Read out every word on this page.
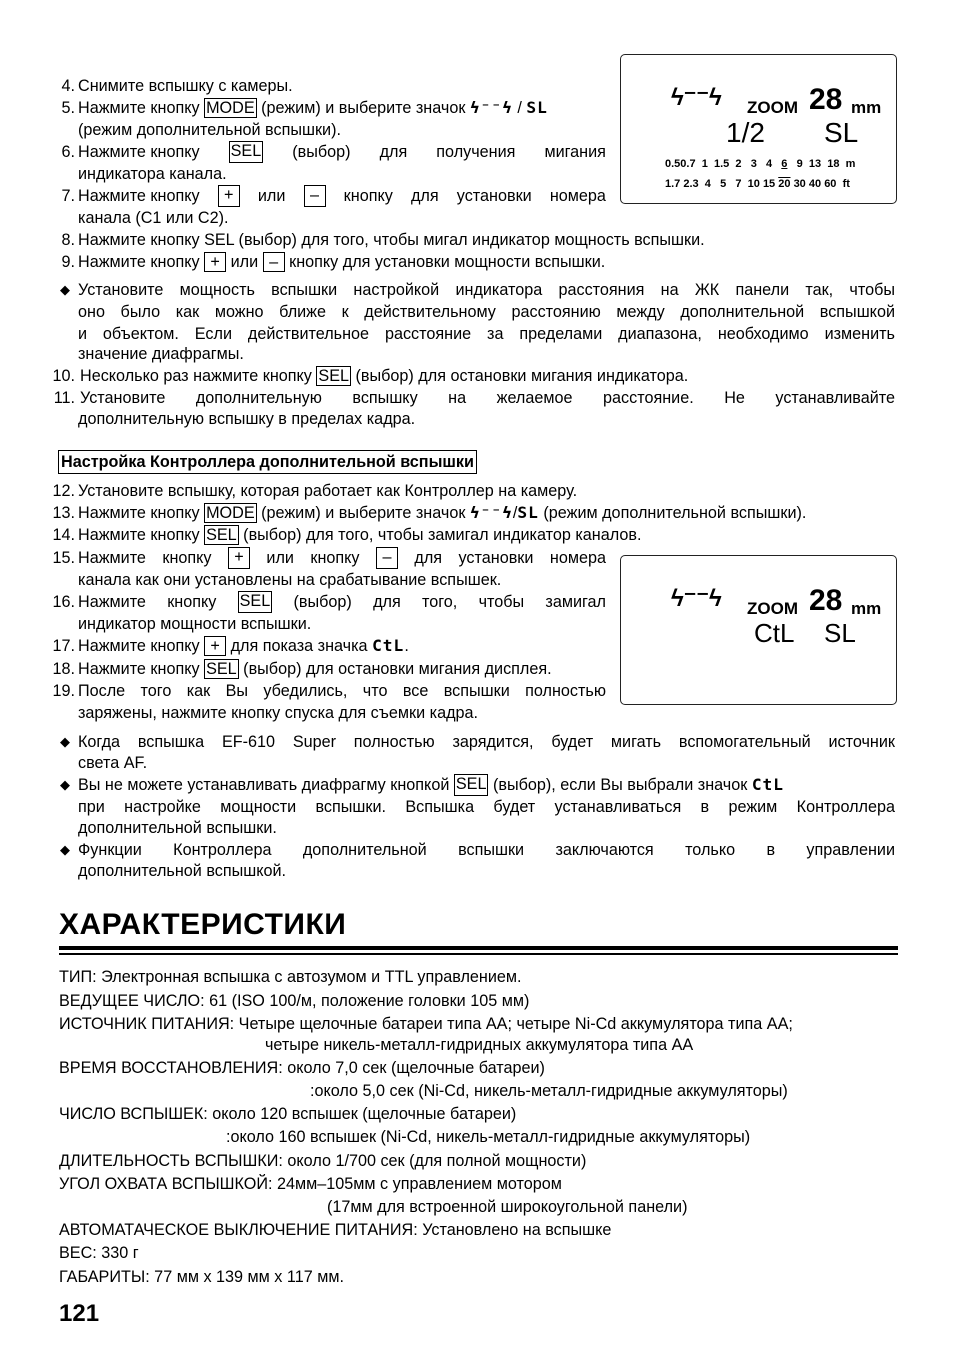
4. Снимите вспышку с камеры.
5. Нажмите кнопку MODE (режим) и выберите значок ϟ⁻⁻ϟ / SL
(режим дополнительной вспышки).
6. Нажмите кнопку SEL (выбор) для получения мигания
индикатора канала.
7. Нажмите кнопку	+	или	–	кнопку для установки номера
канала (C1 или C2).
8. Нажмите кнопку SEL (выбор) для того, чтобы мигал индикатор мощность вспышки.
9. Нажмите кнопку + или – кнопку для установки мощности вспышки.
ϟ⁻⁻ϟ ZOOM 28 mm
1/2 SL
0.50.7 1 1.5 2 3 4 6 9 13 18 m
1.7 2.3 4 5 7 10 15 20 30 40 60 ft
◆ Установите мощность вспышки настройкой индикатора расстояния на ЖК панели так, чтобы
оно было как можно ближе к действительному расстоянию между дополнительной вспышкой
и объектом. Если действительное расстояние за пределами диапазона, необходимо изменить
значение диафрагмы.
10. Несколько раз нажмите кнопку SEL (выбор) для остановки мигания индикатора.
11. Установите дополнительную вспышку на желаемое расстояние. Не устанавливайте
дополнительную вспышку в пределах кадра.
Настройка Контроллера дополнительной вспышки
12. Установите вспышку, которая работает как Контроллер на камеру.
13. Нажмите кнопку MODE (режим) и выберите значок ϟ⁻⁻ϟ/SL (режим дополнительной вспышки).
14. Нажмите кнопку SEL (выбор) для того, чтобы замигал индикатор каналов.
15. Нажмите кнопку	+	или кнопку	–	для установки номера
канала как они установлены на срабатывание вспышек.
16. Нажмите кнопку SEL (выбор) для того, чтобы замигал
индикатор мощности вспышки.
17. Нажмите кнопку + для показа значка CtL.
18. Нажмите кнопку SEL (выбор) для остановки мигания дисплея.
19. После того как Вы убедились, что все вспышки полностью
заряжены, нажмите кнопку спуска для съемки кадра.
ϟ⁻⁻ϟ ZOOM 28 mm
CtL SL
◆ Когда вспышка EF-610 Super полностью зарядится, будет мигать вспомогательный источник
света AF.
◆ Вы не можете устанавливать диафрагму кнопкой SEL (выбор), если Вы выбрали значок CtL
при настройке мощности вспышки. Вспышка будет устанавливаться в режим Контроллера
дополнительной вспышки.
◆ Функции Контроллера дополнительной вспышки заключаются только в управлении
дополнительной вспышкой.
ХАРАКТЕРИСТИКИ
ТИП: Электронная вспышка с автозумом и TTL управлением.
ВЕДУЩЕЕ ЧИСЛО: 61 (ISO 100/м, положение головки 105 мм)
ИСТОЧНИК ПИТАНИЯ: Четыре щелочные батареи типа AA; четыре Ni-Cd аккумулятора типа AA;
четыре никель-металл-гидридных аккумулятора типа AA
ВРЕМЯ ВОССТАНОВЛЕНИЯ: около 7,0 сек (щелочные батареи)
:около 5,0 сек (Ni-Cd, никель-металл-гидридные аккумуляторы)
ЧИСЛО ВСПЫШЕК: около 120 вспышек (щелочные батареи)
:около 160 вспышек (Ni-Cd, никель-металл-гидридные аккумуляторы)
ДЛИТЕЛЬНОСТЬ ВСПЫШКИ: около 1/700 сек (для полной мощности)
УГОЛ ОХВАТА ВСПЫШКОЙ: 24мм–105мм с управлением мотором
(17мм для встроенной широкоугольной панели)
АВТОМАТАЧЕСКОЕ ВЫКЛЮЧЕНИЕ ПИТАНИЯ: Установлено на вспышке
ВЕС: 330 г
ГАБАРИТЫ: 77 мм x 139 мм x 117 мм.
121
